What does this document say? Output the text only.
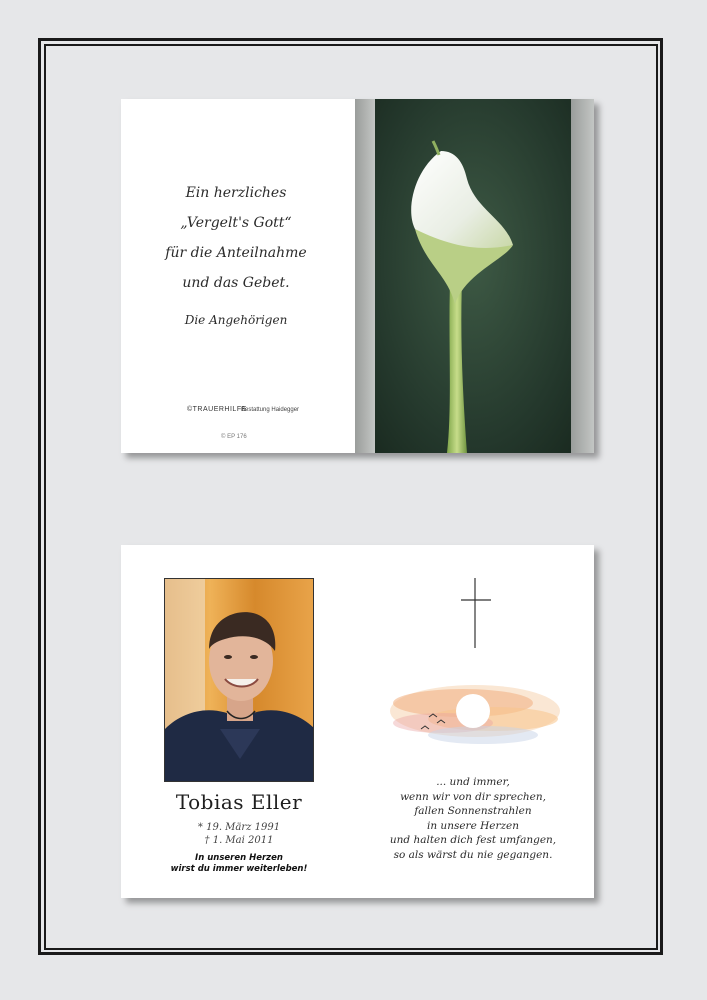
Ein herzliches
„Vergelt's Gott“
für die Anteilnahme
und das Gebet.
Die Angehörigen
© EP 176
©TRAUERHILFE
Bestattung Haidegger
Tobias Eller
* 19. März 1991
† 1. Mai 2011
In unseren Herzen
wirst du immer weiterleben!
... und immer,
wenn wir von dir sprechen,
fallen Sonnenstrahlen
in unsere Herzen
und halten dich fest umfangen,
so als wärst du nie gegangen.
